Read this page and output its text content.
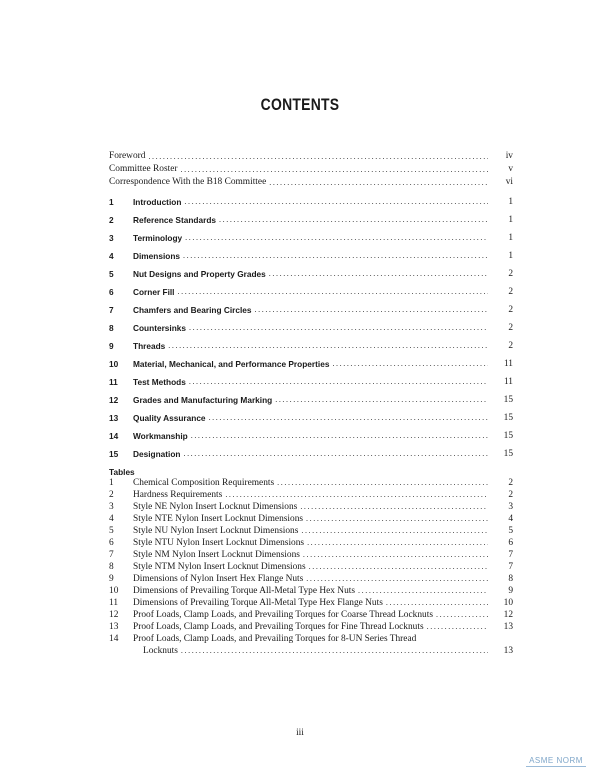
CONTENTS
Foreword .....	iv
Committee Roster .....	v
Correspondence With the B18 Committee .....	vi
1	Introduction .....	1
2	Reference Standards .....	1
3	Terminology .....	1
4	Dimensions .....	1
5	Nut Designs and Property Grades .....	2
6	Corner Fill .....	2
7	Chamfers and Bearing Circles .....	2
8	Countersinks .....	2
9	Threads .....	2
10	Material, Mechanical, and Performance Properties .....	11
11	Test Methods .....	11
12	Grades and Manufacturing Marking .....	15
13	Quality Assurance .....	15
14	Workmanship .....	15
15	Designation .....	15
Tables
1	Chemical Composition Requirements .....	2
2	Hardness Requirements .....	2
3	Style NE Nylon Insert Locknut Dimensions .....	3
4	Style NTE Nylon Insert Locknut Dimensions .....	4
5	Style NU Nylon Insert Locknut Dimensions .....	5
6	Style NTU Nylon Insert Locknut Dimensions .....	6
7	Style NM Nylon Insert Locknut Dimensions .....	7
8	Style NTM Nylon Insert Locknut Dimensions .....	7
9	Dimensions of Nylon Insert Hex Flange Nuts .....	8
10	Dimensions of Prevailing Torque All-Metal Type Hex Nuts .....	9
11	Dimensions of Prevailing Torque All-Metal Type Hex Flange Nuts .....	10
12	Proof Loads, Clamp Loads, and Prevailing Torques for Coarse Thread Locknuts .....	12
13	Proof Loads, Clamp Loads, and Prevailing Torques for Fine Thread Locknuts .....	13
14	Proof Loads, Clamp Loads, and Prevailing Torques for 8-UN Series Thread
Locknuts .....	13
iii
ASME NORM
